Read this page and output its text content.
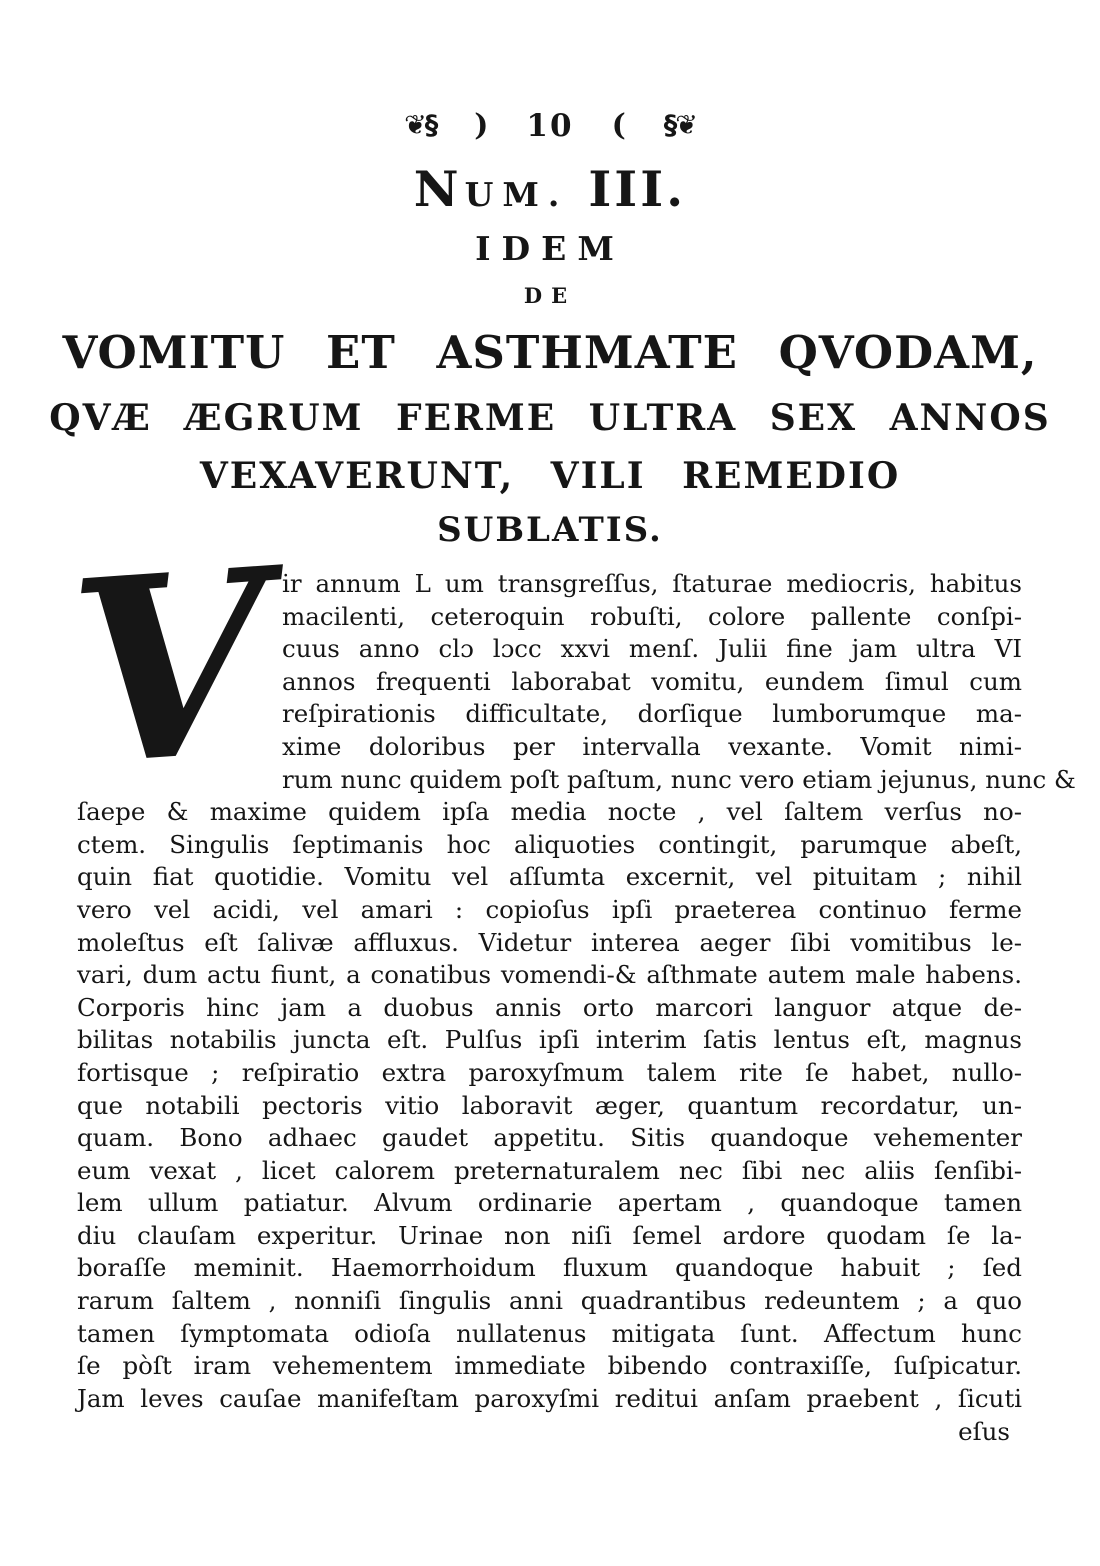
❦§ ) 10 ( §❦
N UM. III.
IDEM
DE
VOMITU ET ASTHMATE QVODAM,
QVÆ ÆGRUM FERME ULTRA SEX ANNOS
VEXAVERUNT, VILI REMEDIO
SUBLATIS.
V ir annum L um transgreſſus, ſtaturae mediocris, habitus
macilenti, ceteroquin robuſti, colore pallente conſpi-
cuus anno clɔ lɔcc xxvi menſ. Julii fine jam ultra VI
annos frequenti laborabat vomitu, eundem ſimul cum
reſpirationis difficultate, dorſique lumborumque ma-
xime doloribus per intervalla vexante. Vomit nimi-
rum nunc quidem poſt paſtum, nunc vero etiam jejunus, nunc &
ſaepe & maxime quidem ipſa media nocte , vel ſaltem verſus no-
ctem. Singulis ſeptimanis hoc aliquoties contingit, parumque abeſt,
quin fiat quotidie. Vomitu vel aſſumta excernit, vel pituitam ; nihil
vero vel acidi, vel amari : copioſus ipſi praeterea continuo ferme
moleſtus eſt ſalivæ affluxus. Videtur interea aeger ſibi vomitibus le-
vari, dum actu fiunt, a conatibus vomendi-& aſthmate autem male habens.
Corporis hinc jam a duobus annis orto marcori languor atque de-
bilitas notabilis juncta eſt. Pulſus ipſi interim ſatis lentus eſt, magnus
fortisque ; reſpiratio extra paroxyſmum talem rite ſe habet, nullo-
que notabili pectoris vitio laboravit æger, quantum recordatur, un-
quam. Bono adhaec gaudet appetitu. Sitis quandoque vehementer
eum vexat , licet calorem preternaturalem nec ſibi nec aliis ſenſibi-
lem ullum patiatur. Alvum ordinarie apertam , quandoque tamen
diu clauſam experitur. Urinae non niſi ſemel ardore quodam ſe la-
boraſſe meminit. Haemorrhoidum fluxum quandoque habuit ; ſed
rarum ſaltem , nonniſi ſingulis anni quadrantibus redeuntem ; a quo
tamen ſymptomata odioſa nullatenus mitigata ſunt. Affectum hunc
ſe pòſt iram vehementem immediate bibendo contraxiſſe, ſuſpicatur.
Jam leves cauſae manifeſtam paroxyſmi reditui anſam praebent , ſicuti
eſus
